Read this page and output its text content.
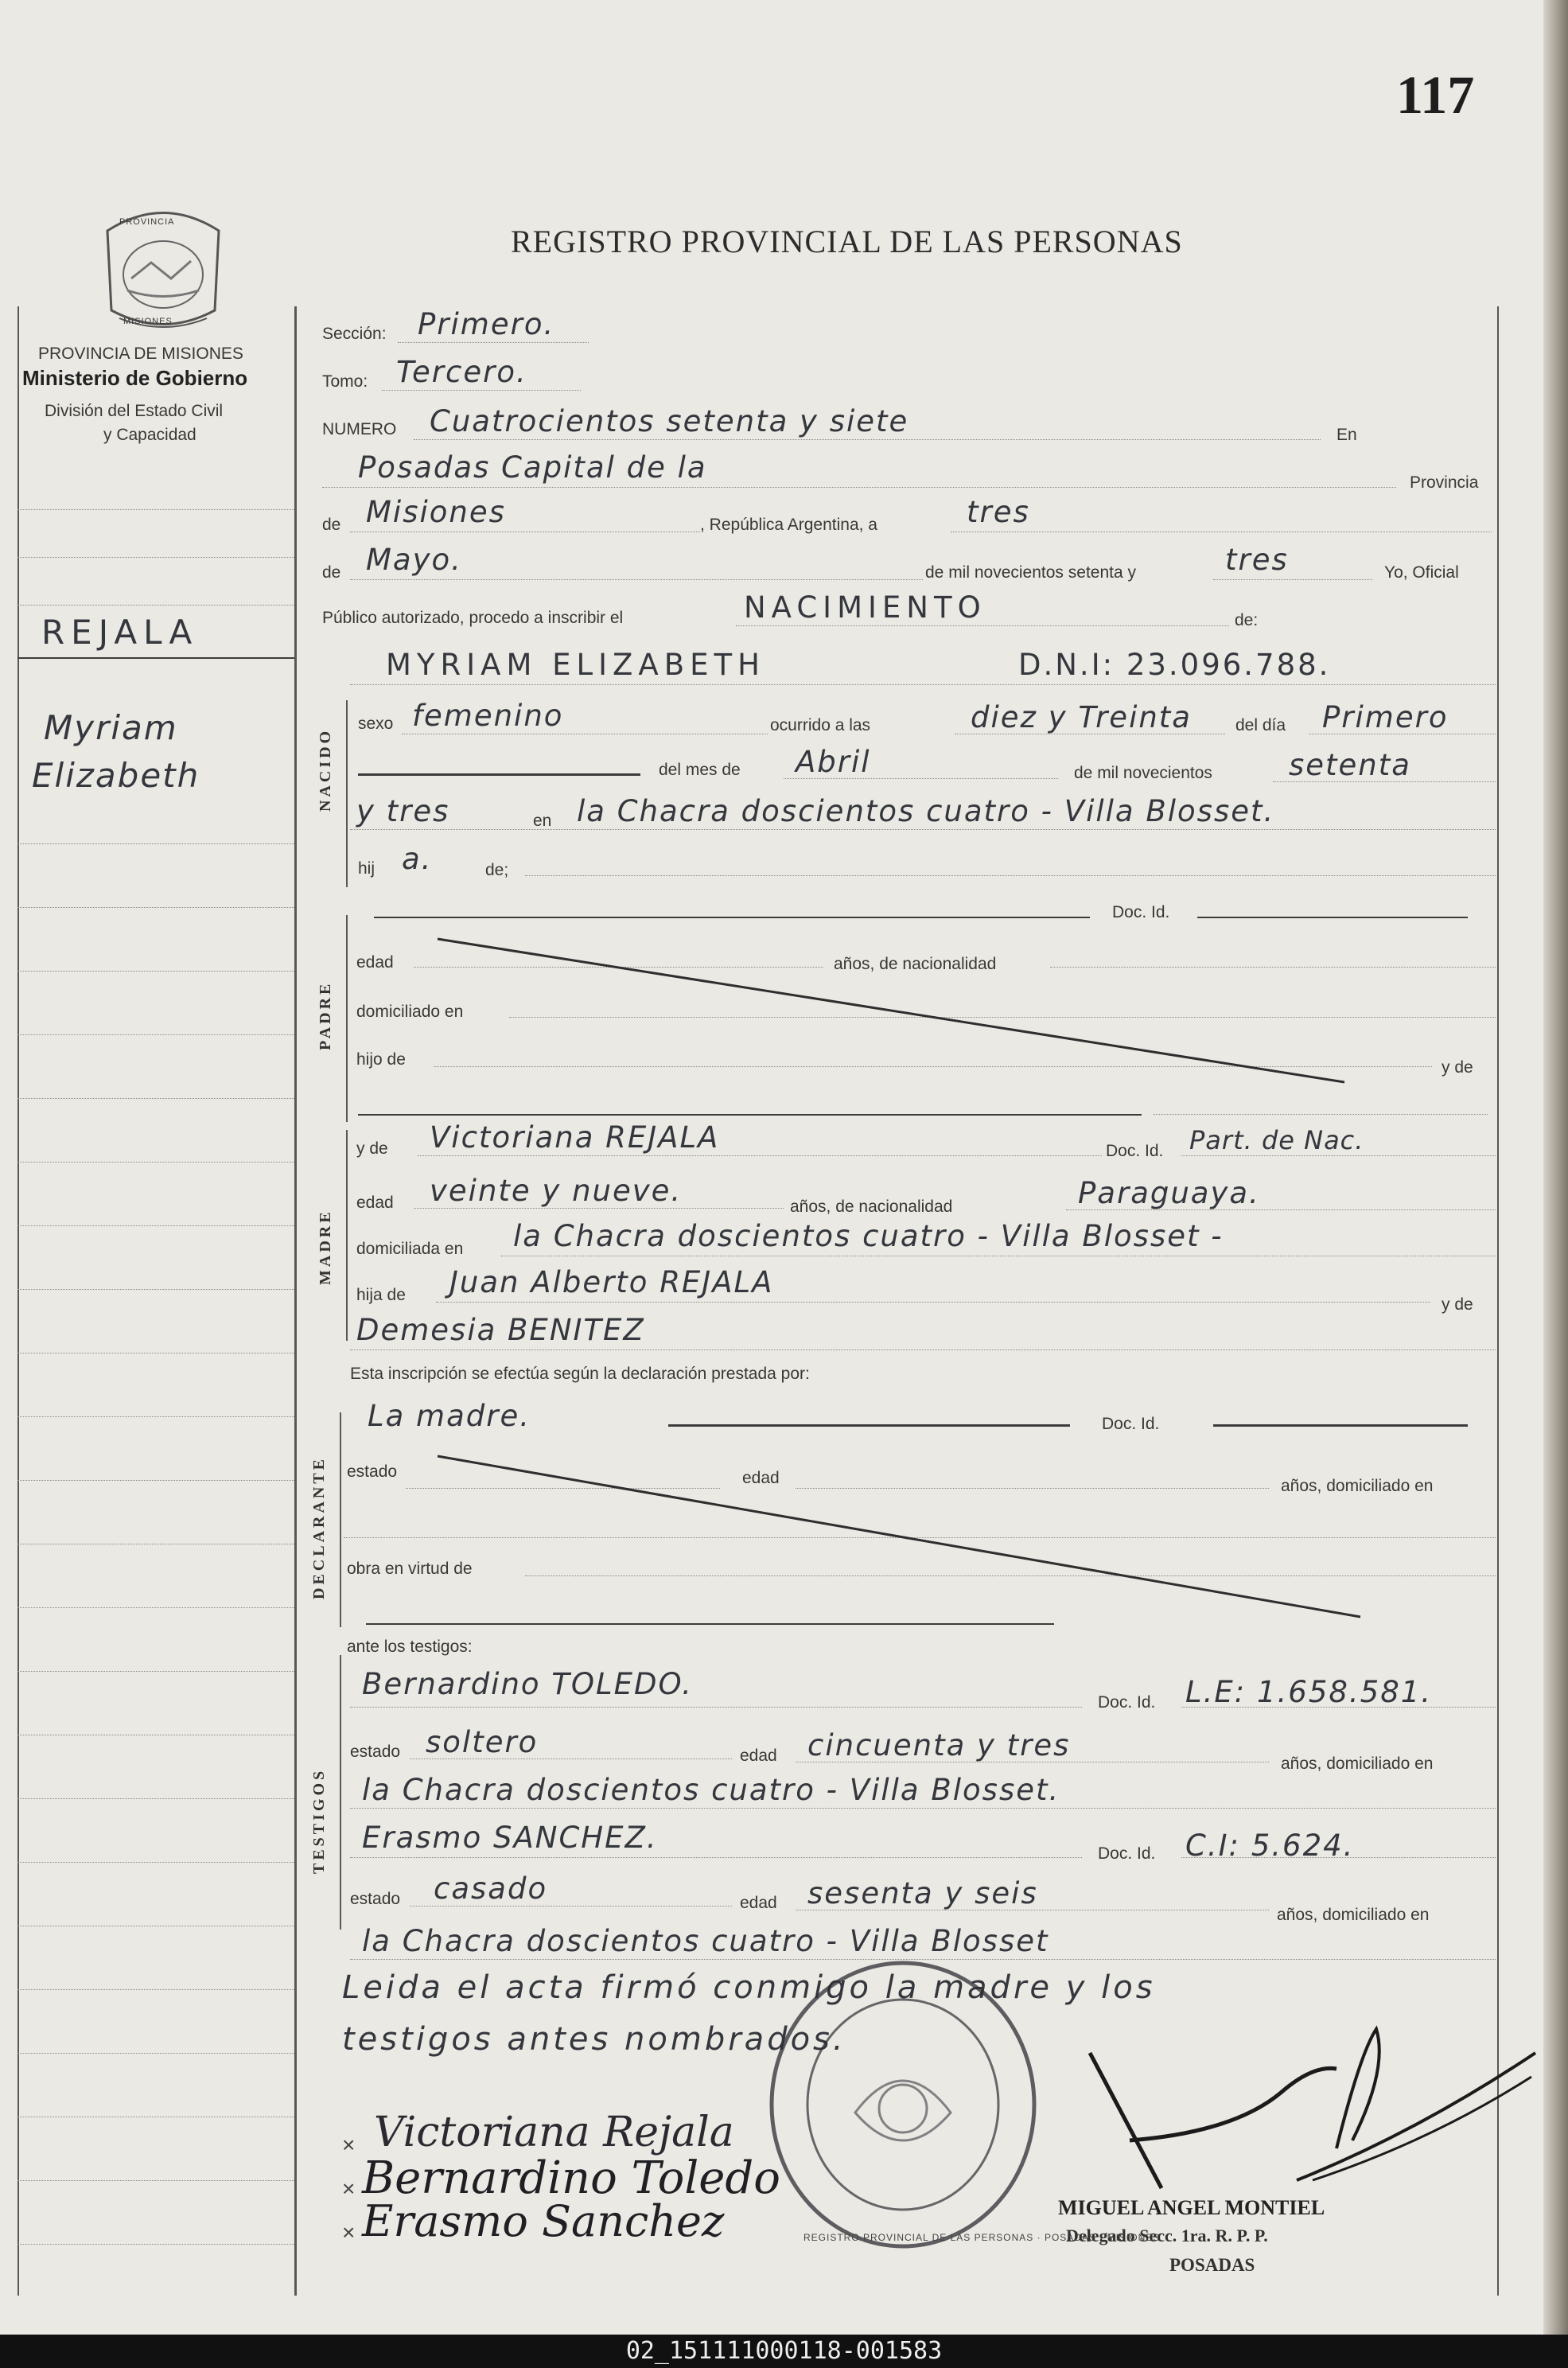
117
REGISTRO PROVINCIAL DE LAS PERSONAS
PROVINCIA
MISIONES
PROVINCIA DE MISIONES
Ministerio de Gobierno
División del Estado Civil
y Capacidad
REJALA
Myriam
Elizabeth	NACIDO
PADRE
MADRE
DECLARANTE
TESTIGOS
Sección: Primero.
Tomo: Tercero.
NUMERO Cuatrocientos setenta y siete	En
Posadas Capital de la	Provincia
de Misiones	, República Argentina, a	tres
de Mayo.	de mil novecientos setenta y	tres	Yo, Oficial
Público autorizado, procedo a inscribir el	NACIMIENTO	de:
MYRIAM ELIZABETH	D.N.I: 23.096.788.
sexo femenino	ocurrido a las	diez y Treinta	del día Primero
del mes de Abril	de mil novecientos	setenta
y tres	en la Chacra doscientos cuatro - Villa Blosset.
hij a.	de;
Doc. Id.
edad	años, de nacionalidad
domiciliado en
hijo de	y de
y de Victoriana REJALA	Doc. Id. Part. de Nac.
edad veinte y nueve.	años, de nacionalidad	Paraguaya.
domiciliada en la Chacra doscientos cuatro - Villa Blosset -
hija de Juan Alberto REJALA
y de
Demesia BENITEZ
Esta inscripción se efectúa según la declaración prestada por:
La madre.	Doc. Id.
estado	edad	años, domiciliado en
obra en virtud de
ante los testigos:
Bernardino TOLEDO.
Doc. Id. L.E: 1.658.581.
estado soltero	edad cincuenta y tres
años, domiciliado en
la Chacra doscientos cuatro - Villa Blosset.
Erasmo SANCHEZ.	Doc. Id. C.I: 5.624.
estado casado	edad sesenta y seis
años, domiciliado en
la Chacra doscientos cuatro - Villa Blosset
Leida el acta firmó conmigo la madre y los
testigos antes nombrados.
REGISTRO PROVINCIAL DE LAS PERSONAS · POSADAS · MISIONES
× Victoriana Rejala
× Bernardino Toledo
× Erasmo Sanchez	MIGUEL ANGEL MONTIEL
Delegado Secc. 1ra. R. P. P.
POSADAS
02_151111000118-001583
